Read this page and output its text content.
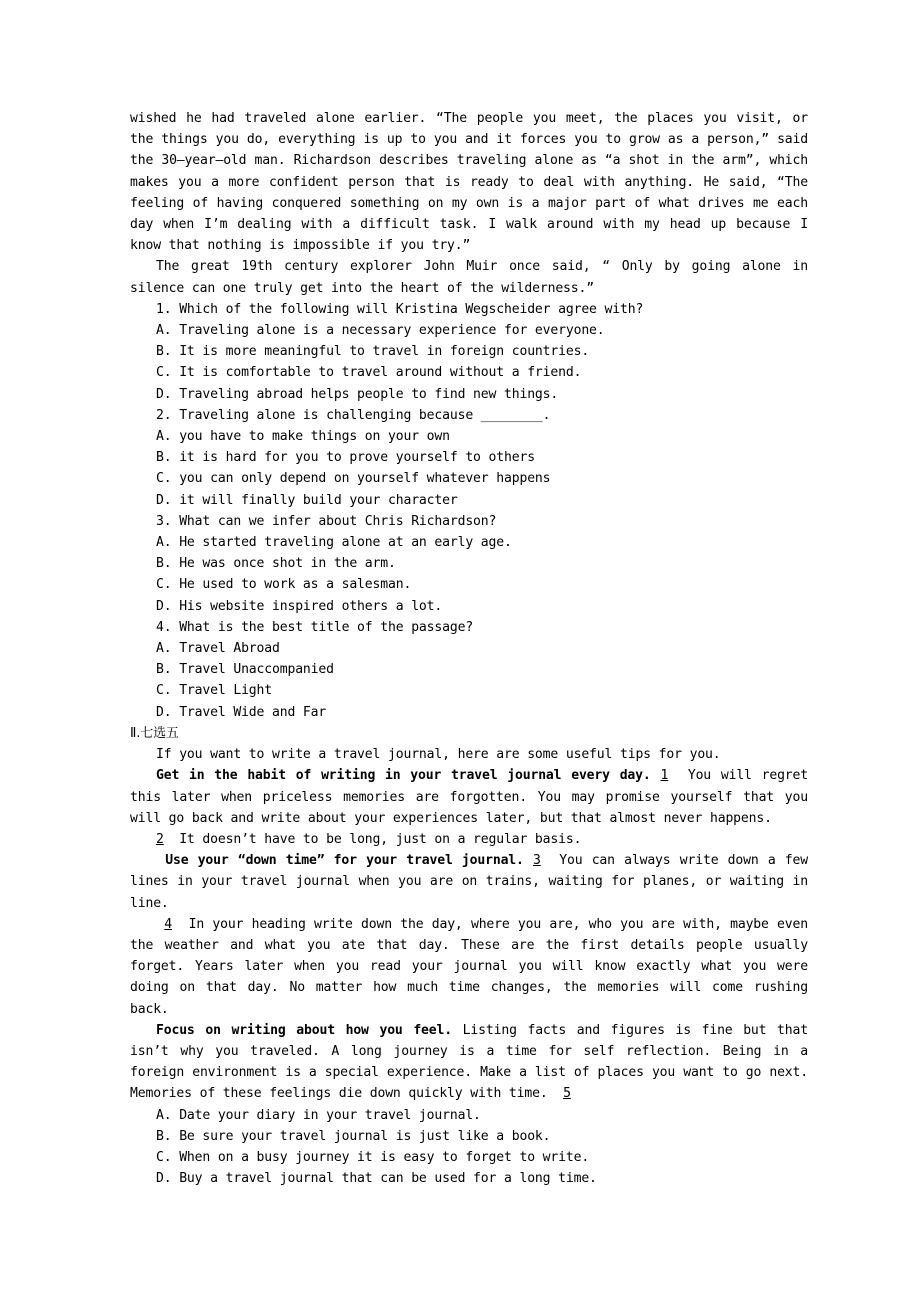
wished he had traveled alone earlier. “The people you meet, the places you visit, or the things you do, everything is up to you and it forces you to grow as a person,” said the 30—year—old man. Richardson describes traveling alone as “a shot in the arm”, which makes you a more confident person that is ready to deal with anything. He said, “The feeling of having conquered something on my own is a major part of what drives me each day when I’m dealing with a difficult task. I walk around with my head up because I know that nothing is impossible if you try.”

The great 19th century explorer John Muir once said, “ Only by going alone in silence can one truly get into the heart of the wilderness.”

1. Which of the following will Kristina Wegscheider agree with?

A. Traveling alone is a necessary experience for everyone.

B. It is more meaningful to travel in foreign countries.

C. It is comfortable to travel around without a friend.

D. Traveling abroad helps people to find new things.

2. Traveling alone is challenging because ________.

A. you have to make things on your own

B. it is hard for you to prove yourself to others

C. you can only depend on yourself whatever happens

D. it will finally build your character

3. What can we infer about Chris Richardson?

A. He started traveling alone at an early age.

B. He was once shot in the arm.

C. He used to work as a salesman.

D. His website inspired others a lot.

4. What is the best title of the passage?

A. Travel Abroad

B. Travel Unaccompanied

C. Travel Light

D. Travel Wide and Far

Ⅱ.七选五

If you want to write a travel journal, here are some useful tips for you.

Get in the habit of writing in your travel journal every day. 1 You will regret this later when priceless memories are forgotten. You may promise yourself that you will go back and write about your experiences later, but that almost never happens.

2 It doesn’t have to be long, just on a regular basis.

Use your “down time” for your travel journal. 3 You can always write down a few lines in your travel journal when you are on trains, waiting for planes, or waiting in line.

4 In your heading write down the day, where you are, who you are with, maybe even the weather and what you ate that day. These are the first details people usually forget. Years later when you read your journal you will know exactly what you were doing on that day. No matter how much time changes, the memories will come rushing back.

Focus on writing about how you feel. Listing facts and figures is fine but that isn’t why you traveled. A long journey is a time for self reflection. Being in a foreign environment is a special experience. Make a list of places you want to go next. Memories of these feelings die down quickly with time. 5

A. Date your diary in your travel journal.

B. Be sure your travel journal is just like a book.

C. When on a busy journey it is easy to forget to write.

D. Buy a travel journal that can be used for a long time.
